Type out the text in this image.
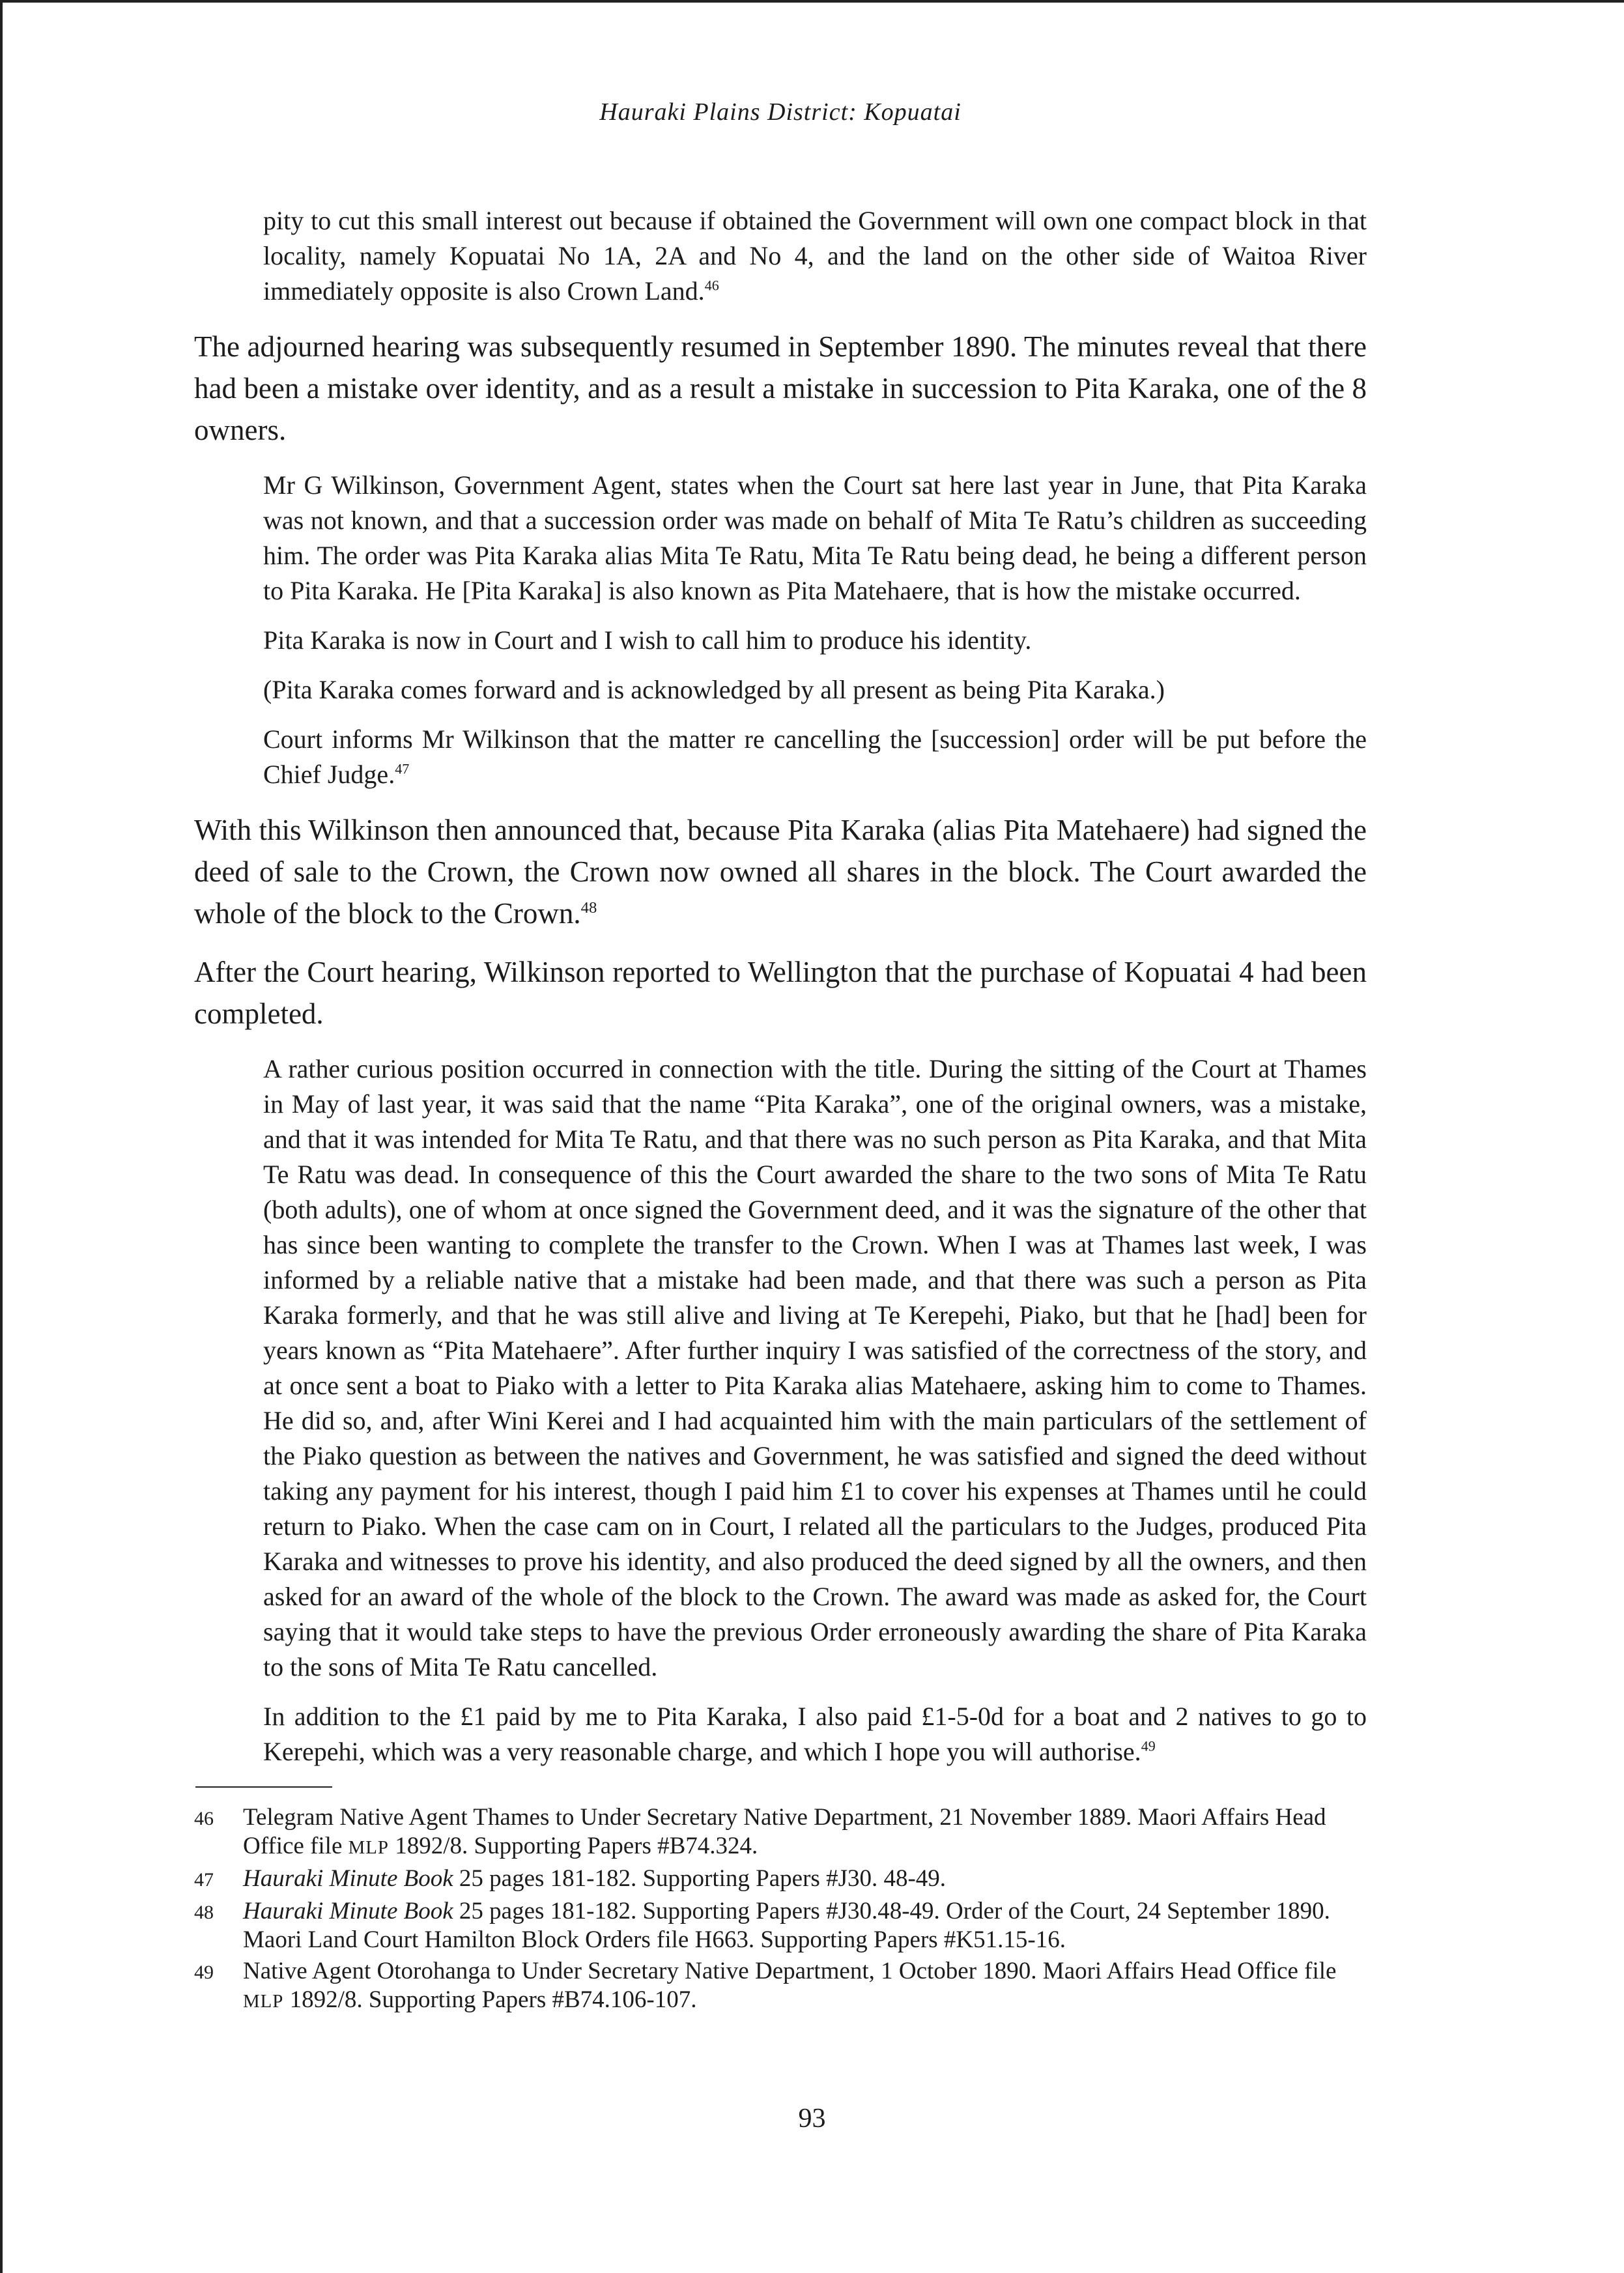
Hauraki Plains District: Kopuatai

pity to cut this small interest out because if obtained the Government will own one compact block in that locality, namely Kopuatai No 1A, 2A and No 4, and the land on the other side of Waitoa River immediately opposite is also Crown Land.$^{46}$

The adjourned hearing was subsequently resumed in September 1890. The minutes reveal that there had been a mistake over identity, and as a result a mistake in succession to Pita Karaka, one of the 8 owners.

Mr G Wilkinson, Government Agent, states when the Court sat here last year in June, that Pita Karaka was not known, and that a succession order was made on behalf of Mita Te Ratu’s children as succeeding him. The order was Pita Karaka alias Mita Te Ratu, Mita Te Ratu being dead, he being a different person to Pita Karaka. He [Pita Karaka] is also known as Pita Matehaere, that is how the mistake occurred.

Pita Karaka is now in Court and I wish to call him to produce his identity.

(Pita Karaka comes forward and is acknowledged by all present as being Pita Karaka.)

Court informs Mr Wilkinson that the matter re cancelling the [succession] order will be put before the Chief Judge.$^{47}$

With this Wilkinson then announced that, because Pita Karaka (alias Pita Matehaere) had signed the deed of sale to the Crown, the Crown now owned all shares in the block. The Court awarded the whole of the block to the Crown.$^{48}$

After the Court hearing, Wilkinson reported to Wellington that the purchase of Kopuatai 4 had been completed.

A rather curious position occurred in connection with the title. During the sitting of the Court at Thames in May of last year, it was said that the name “Pita Karaka”, one of the original owners, was a mistake, and that it was intended for Mita Te Ratu, and that there was no such person as Pita Karaka, and that Mita Te Ratu was dead. In consequence of this the Court awarded the share to the two sons of Mita Te Ratu (both adults), one of whom at once signed the Government deed, and it was the signature of the other that has since been wanting to complete the transfer to the Crown. When I was at Thames last week, I was informed by a reliable native that a mistake had been made, and that there was such a person as Pita Karaka formerly, and that he was still alive and living at Te Kerepehi, Piako, but that he [had] been for years known as “Pita Matehaere”. After further inquiry I was satisfied of the correctness of the story, and at once sent a boat to Piako with a letter to Pita Karaka alias Matehaere, asking him to come to Thames. He did so, and, after Wini Kerei and I had acquainted him with the main particulars of the settlement of the Piako question as between the natives and Government, he was satisfied and signed the deed without taking any payment for his interest, though I paid him £1 to cover his expenses at Thames until he could return to Piako. When the case cam on in Court, I related all the particulars to the Judges, produced Pita Karaka and witnesses to prove his identity, and also produced the deed signed by all the owners, and then asked for an award of the whole of the block to the Crown. The award was made as asked for, the Court saying that it would take steps to have the previous Order erroneously awarding the share of Pita Karaka to the sons of Mita Te Ratu cancelled.

In addition to the £1 paid by me to Pita Karaka, I also paid £1-5-0d for a boat and 2 natives to go to Kerepehi, which was a very reasonable charge, and which I hope you will authorise.$^{49}$

46	Telegram Native Agent Thames to Under Secretary Native Department, 21 November 1889. Maori Affairs Head Office file MLP 1892/8. Supporting Papers #B74.324.
47	Hauraki Minute Book 25 pages 181-182. Supporting Papers #J30. 48-49.
48	Hauraki Minute Book 25 pages 181-182. Supporting Papers #J30.48-49. Order of the Court, 24 September 1890. Maori Land Court Hamilton Block Orders file H663. Supporting Papers #K51.15-16.
49	Native Agent Otorohanga to Under Secretary Native Department, 1 October 1890. Maori Affairs Head Office file MLP 1892/8. Supporting Papers #B74.106-107.
93
